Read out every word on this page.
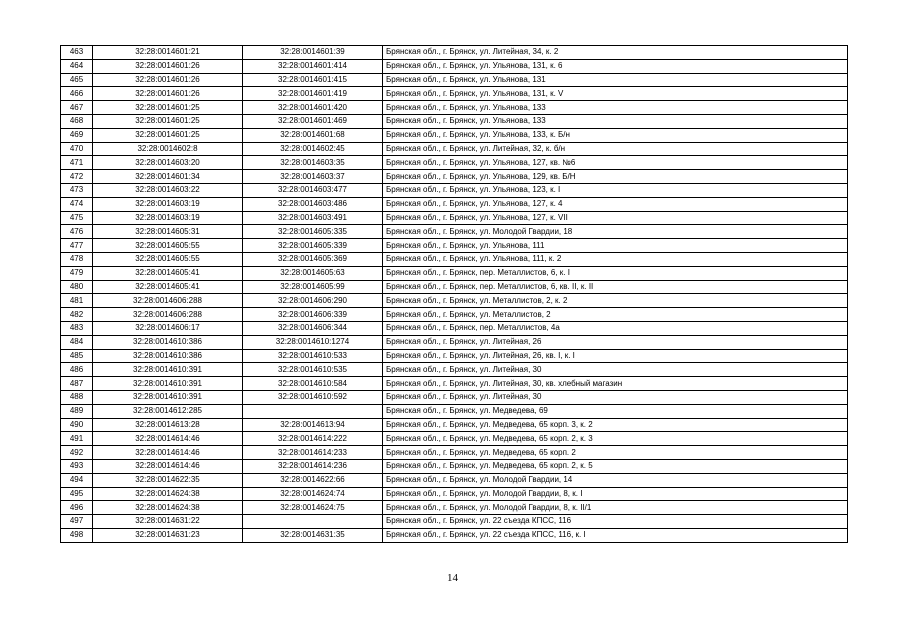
463	32:28:0014601:21	32:28:0014601:39	Брянская обл., г. Брянск, ул. Литейная, 34, к. 2
464	32:28:0014601:26	32:28:0014601:414	Брянская обл., г. Брянск, ул. Ульянова, 131, к. 6
465	32:28:0014601:26	32:28:0014601:415	Брянская обл., г. Брянск, ул. Ульянова, 131
466	32:28:0014601:26	32:28:0014601:419	Брянская обл., г. Брянск, ул. Ульянова, 131, к. V
467	32:28:0014601:25	32:28:0014601:420	Брянская обл., г. Брянск, ул. Ульянова, 133
468	32:28:0014601:25	32:28:0014601:469	Брянская обл., г. Брянск, ул. Ульянова, 133
469	32:28:0014601:25	32:28:0014601:68	Брянская обл., г. Брянск, ул. Ульянова, 133, к. Б/н
470	32:28:0014602:8	32:28:0014602:45	Брянская обл., г. Брянск, ул. Литейная, 32, к. б/н
471	32:28:0014603:20	32:28:0014603:35	Брянская обл., г. Брянск, ул. Ульянова, 127, кв. №6
472	32:28:0014601:34	32:28:0014603:37	Брянская обл., г. Брянск, ул. Ульянова, 129, кв. Б/Н
473	32:28:0014603:22	32:28:0014603:477	Брянская обл., г. Брянск, ул. Ульянова, 123, к. I
474	32:28:0014603:19	32:28:0014603:486	Брянская обл., г. Брянск, ул. Ульянова, 127, к. 4
475	32:28:0014603:19	32:28:0014603:491	Брянская обл., г. Брянск, ул. Ульянова, 127, к. VII
476	32:28:0014605:31	32:28:0014605:335	Брянская обл., г. Брянск, ул. Молодой Гвардии, 18
477	32:28:0014605:55	32:28:0014605:339	Брянская обл., г. Брянск, ул. Ульянова, 111
478	32:28:0014605:55	32:28:0014605:369	Брянская обл., г. Брянск, ул. Ульянова, 111, к. 2
479	32:28:0014605:41	32:28:0014605:63	Брянская обл., г. Брянск, пер. Металлистов, 6, к. I
480	32:28:0014605:41	32:28:0014605:99	Брянская обл., г. Брянск, пер. Металлистов, 6, кв. II, к. II
481	32:28:0014606:288	32:28:0014606:290	Брянская обл., г. Брянск, ул. Металлистов, 2, к. 2
482	32:28:0014606:288	32:28:0014606:339	Брянская обл., г. Брянск, ул. Металлистов, 2
483	32:28:0014606:17	32:28:0014606:344	Брянская обл., г. Брянск, пер. Металлистов, 4а
484	32:28:0014610:386	32:28:0014610:1274	Брянская обл., г. Брянск, ул. Литейная, 26
485	32:28:0014610:386	32:28:0014610:533	Брянская обл., г. Брянск, ул. Литейная, 26, кв. I, к. I
486	32:28:0014610:391	32:28:0014610:535	Брянская обл., г. Брянск, ул. Литейная, 30
487	32:28:0014610:391	32:28:0014610:584	Брянская обл., г. Брянск, ул. Литейная, 30, кв. хлебный магазин
488	32:28:0014610:391	32:28:0014610:592	Брянская обл., г. Брянск, ул. Литейная, 30
489	32:28:0014612:285		Брянская обл., г. Брянск, ул. Медведева, 69
490	32:28:0014613:28	32:28:0014613:94	Брянская обл., г. Брянск, ул. Медведева, 65 корп. 3, к. 2
491	32:28:0014614:46	32:28:0014614:222	Брянская обл., г. Брянск, ул. Медведева, 65 корп. 2, к. 3
492	32:28:0014614:46	32:28:0014614:233	Брянская обл., г. Брянск, ул. Медведева, 65 корп. 2
493	32:28:0014614:46	32:28:0014614:236	Брянская обл., г. Брянск, ул. Медведева, 65 корп. 2, к. 5
494	32:28:0014622:35	32:28:0014622:66	Брянская обл., г. Брянск, ул. Молодой Гвардии, 14
495	32:28:0014624:38	32:28:0014624:74	Брянская обл., г. Брянск, ул. Молодой Гвардии, 8, к. I
496	32:28:0014624:38	32:28:0014624:75	Брянская обл., г. Брянск, ул. Молодой Гвардии, 8, к. II/1
497	32:28:0014631:22		Брянская обл., г. Брянск, ул. 22 съезда КПСС, 116
498	32:28:0014631:23	32:28:0014631:35	Брянская обл., г. Брянск, ул. 22 съезда КПСС, 116, к. I
14
